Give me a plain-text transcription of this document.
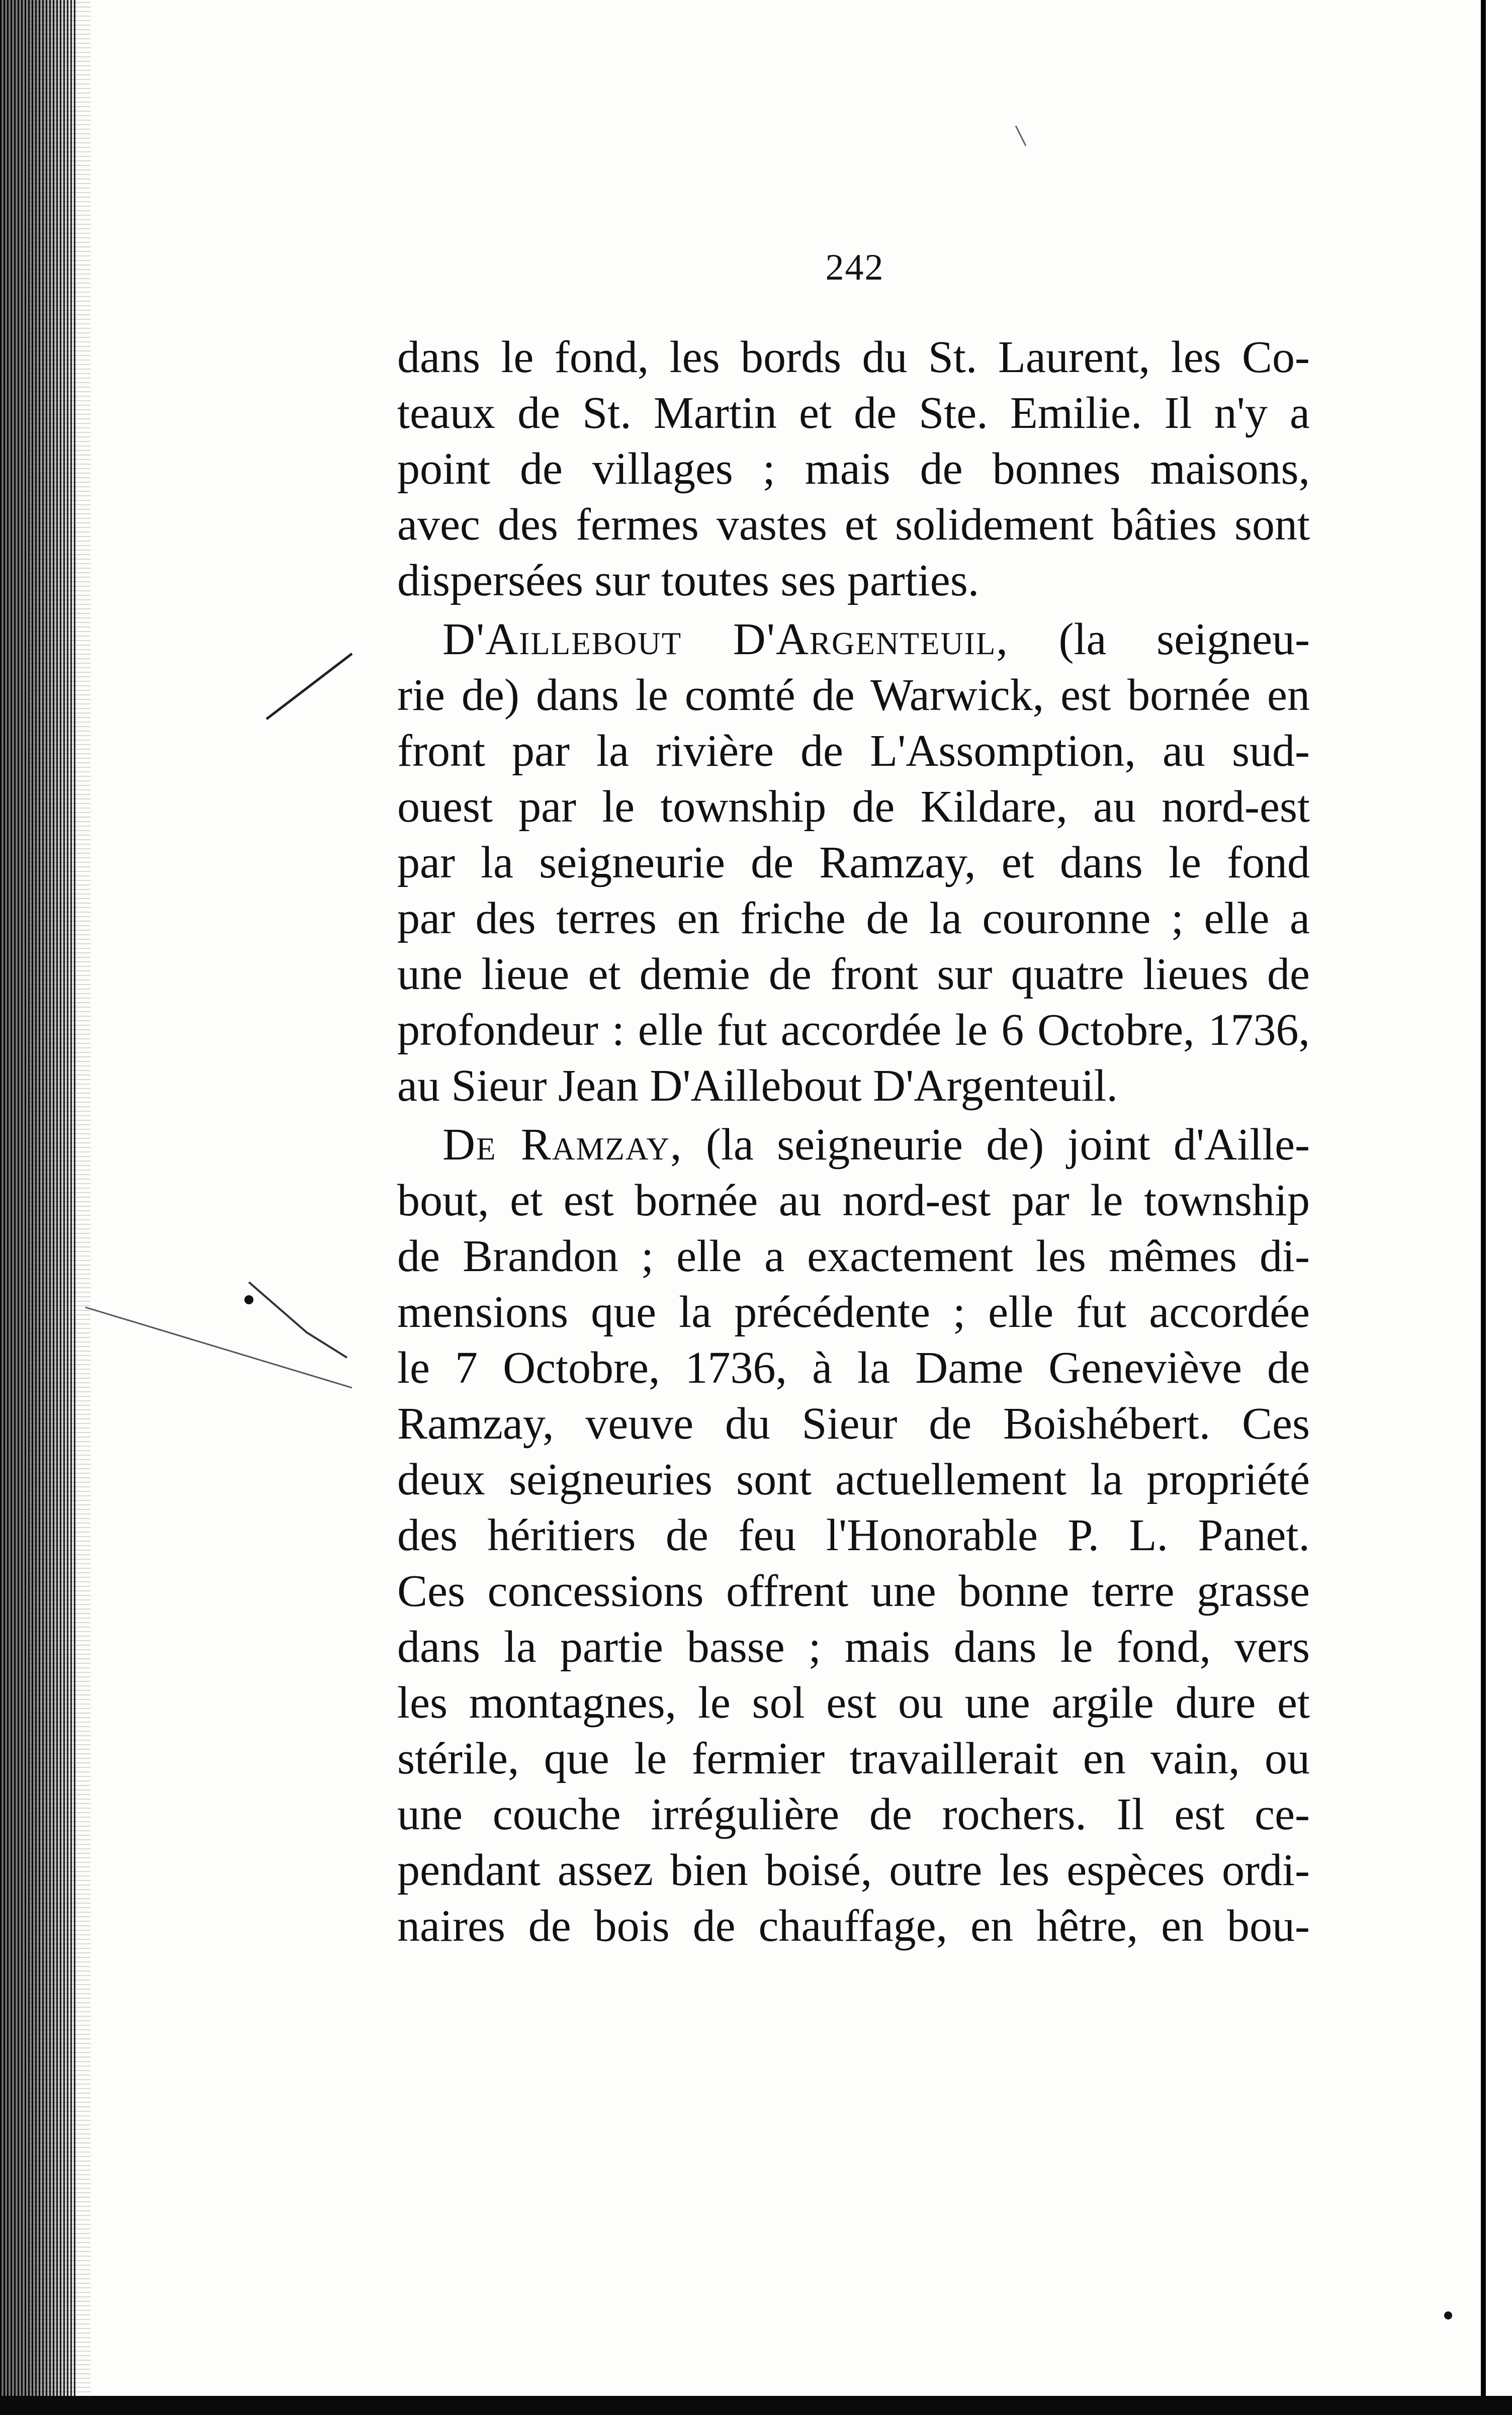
242

dans le fond, les bords du St. Laurent, les Co-
teaux de St. Martin et de Ste. Emilie. Il n'y a
point de villages ; mais de bonnes maisons,
avec des fermes vastes et solidement bâties sont
dispersées sur toutes ses parties.

D'Aillebout D'Argenteuil, (la seigneu-
rie de) dans le comté de Warwick, est bornée en
front par la rivière de L'Assomption, au sud-
ouest par le township de Kildare, au nord-est
par la seigneurie de Ramzay, et dans le fond
par des terres en friche de la couronne ; elle a
une lieue et demie de front sur quatre lieues de
profondeur : elle fut accordée le 6 Octobre, 1736,
au Sieur Jean D'Aillebout D'Argenteuil.

De Ramzay, (la seigneurie de) joint d'Aille-
bout, et est bornée au nord-est par le township
de Brandon ; elle a exactement les mêmes di-
mensions que la précédente ; elle fut accordée
le 7 Octobre, 1736, à la Dame Geneviève de
Ramzay, veuve du Sieur de Boishébert. Ces
deux seigneuries sont actuellement la propriété
des héritiers de feu l'Honorable P. L. Panet.
Ces concessions offrent une bonne terre grasse
dans la partie basse ; mais dans le fond, vers
les montagnes, le sol est ou une argile dure et
stérile, que le fermier travaillerait en vain, ou
une couche irrégulière de rochers. Il est ce-
pendant assez bien boisé, outre les espèces ordi-
naires de bois de chauffage, en hêtre, en bou-
